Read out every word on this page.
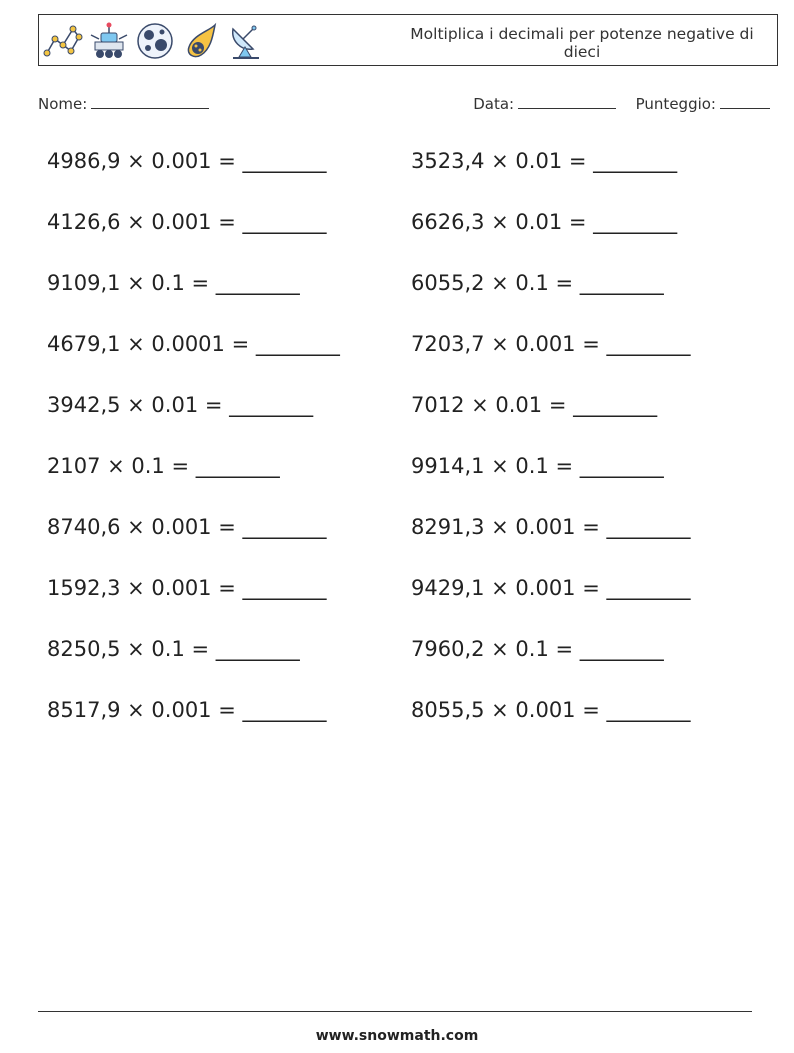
Moltiplica i decimali per potenze negative di dieci
Nome:	Data:	Punteggio:
4986,9 × 0.001 = ________	3523,4 × 0.01 = ________
4126,6 × 0.001 = ________	6626,3 × 0.01 = ________
9109,1 × 0.1 = ________	6055,2 × 0.1 = ________
4679,1 × 0.0001 = ________	7203,7 × 0.001 = ________
3942,5 × 0.01 = ________	7012 × 0.01 = ________
2107 × 0.1 = ________	9914,1 × 0.1 = ________
8740,6 × 0.001 = ________	8291,3 × 0.001 = ________
1592,3 × 0.001 = ________	9429,1 × 0.001 = ________
8250,5 × 0.1 = ________	7960,2 × 0.1 = ________
8517,9 × 0.001 = ________	8055,5 × 0.001 = ________
www.snowmath.com
